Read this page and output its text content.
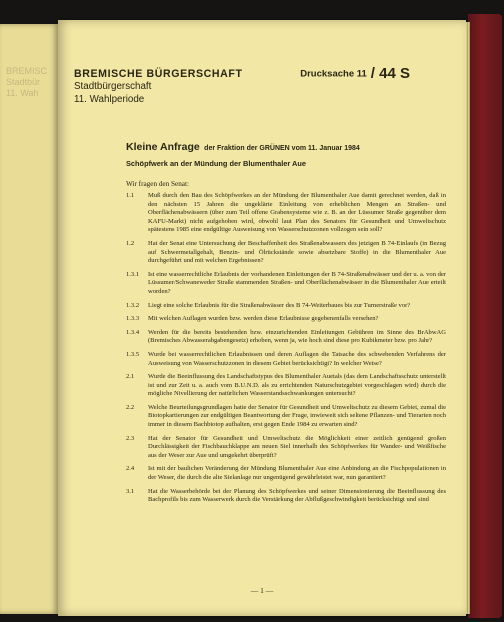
BREMISC
Stadtbür
11. Wah
BREMISCHE BÜRGERSCHAFT
Stadtbürgerschaft
11. Wahlperiode
Drucksache 11 / 44 S
Kleine Anfrage der Fraktion der GRÜNEN vom 11. Januar 1984
Schöpfwerk an der Mündung der Blumenthaler Aue
Wir fragen den Senat:
1.1 Muß durch den Bau des Schöpfwerkes an der Mündung der Blumenthaler Aue damit gerechnet werden, daß in den nächsten 15 Jahren die ungeklärte Einleitung von erheblichen Mengen an Straßen- und Oberflächenabwässern (über zum Teil offene Grabensysteme wie z. B. an der Lüssumer Straße gegenüber dem KAFU-Markt) nicht aufgehoben wird, obwohl laut Plan des Senators für Gesundheit und Umweltschutz spätestens 1985 eine endgültige Ausweisung von Wasserschutzzonen vollzogen sein soll?
1.2 Hat der Senat eine Untersuchung der Beschaffenheit des Straßenabwassers des jetzigen B 74-Einlaufs (in Bezug auf Schwermetallgehalt, Benzin- und Ölrückstände sowie absetzbare Stoffe) in die Blumenthaler Aue durchgeführt und mit welchen Ergebnissen?
1.3.1 Ist eine wasserrechtliche Erlaubnis der vorhandenen Einleitungen der B 74-Straßenabwässer und der u. a. von der Lüssumer/Schwaneweder Straße stammenden Straßen- und Oberflächenabwässer in die Blumenthaler Aue erteilt worden?
1.3.2 Liegt eine solche Erlaubnis für die Straßenabwässer des B 74-Weiterbaues bis zur Turnerstraße vor?
1.3.3 Mit welchen Auflagen wurden bzw. werden diese Erlaubnisse gegebenenfalls versehen?
1.3.4 Werden für die bereits bestehenden bzw. einzurichtenden Einleitungen Gebühren im Sinne des BrAbwAG (Bremisches Abwasserabgabengesetz) erhoben, wenn ja, wie hoch sind diese pro Kubikmeter bzw. pro Jahr?
1.3.5 Wurde bei wasserrechtlichen Erlaubnissen und deren Auflagen die Tatsache des schwebenden Verfahrens der Ausweisung von Wasserschutzzonen in diesem Gebiet berücksichtigt? In welcher Weise?
2.1 Wurde die Beeinflussung des Landschaftstypus des Blumenthaler Auetals (das dem Landschaftsschutz unterstellt ist und zur Zeit u. a. auch vom B.U.N.D. als zu errichtenden Naturschutzgebiet vorgeschlagen wird) durch die mögliche Nivellierung der natürlichen Wasserstandsschwankungen untersucht?
2.2 Welche Beurteilungsgrundlagen hatte der Senator für Gesundheit und Umweltschutz zu diesem Gebiet, zumal die Biotopkartierungen zur endgültigen Beantwortung der Frage, inwieweit sich seltene Pflanzen- und Tierarten noch immer in diesem Bachbiotop aufhalten, erst gegen Ende 1984 zu erwarten sind?
2.3 Hat der Senator für Gesundheit und Umweltschutz die Möglichkeit einer zeitlich genügend großen Durchlässigkeit der Fischbauchklappe am neuen Siel innerhalb des Schöpfwerkes für Wander- und Weißfische aus der Weser zur Aue und umgekehrt überprüft?
2.4 Ist mit der baulichen Veränderung der Mündung Blumenthaler Aue eine Anbindung an die Fischpopulationen in der Weser, die durch die alte Sielanlage nur ungenügend gewährleistet war, nun garantiert?
3.1 Hat die Wasserbehörde bei der Planung des Schöpfwerkes und seiner Dimensionierung die Beeinflussung des Bachprofils bis zum Wasserwerk durch die Verstärkung der Abflußgeschwindigkeit berücksichtigt und sind
— 1 —
